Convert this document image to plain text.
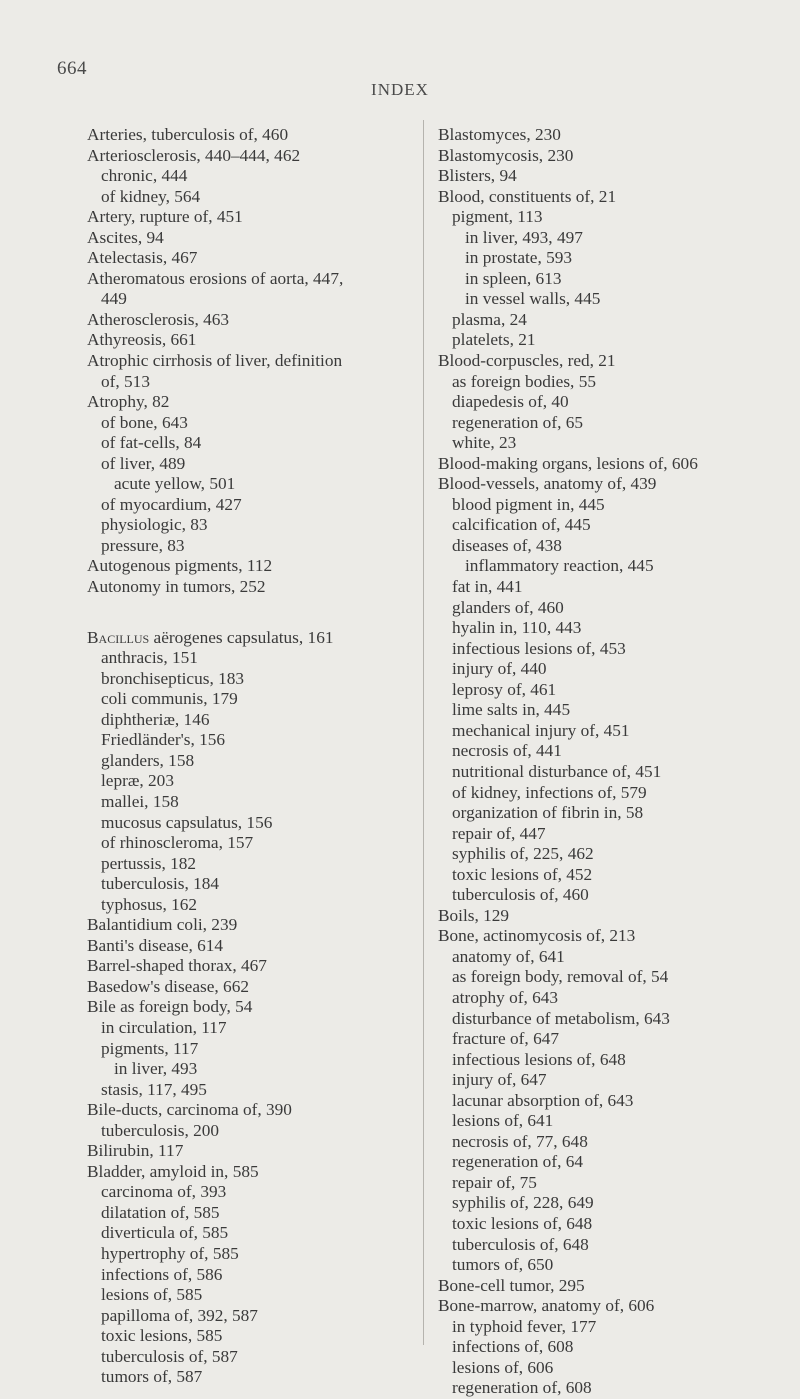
664
INDEX
Arteries, tuberculosis of, 460
Arteriosclerosis, 440–444, 462
chronic, 444
of kidney, 564
Artery, rupture of, 451
Ascites, 94
Atelectasis, 467
Atheromatous erosions of aorta, 447,
449
Atherosclerosis, 463
Athyreosis, 661
Atrophic cirrhosis of liver, definition
of, 513
Atrophy, 82
of bone, 643
of fat-cells, 84
of liver, 489
acute yellow, 501
of myocardium, 427
physiologic, 83
pressure, 83
Autogenous pigments, 112
Autonomy in tumors, 252
Bacillus aërogenes capsulatus, 161
anthracis, 151
bronchisepticus, 183
coli communis, 179
diphtheriæ, 146
Friedländer's, 156
glanders, 158
lepræ, 203
mallei, 158
mucosus capsulatus, 156
of rhinoscleroma, 157
pertussis, 182
tuberculosis, 184
typhosus, 162
Balantidium coli, 239
Banti's disease, 614
Barrel-shaped thorax, 467
Basedow's disease, 662
Bile as foreign body, 54
in circulation, 117
pigments, 117
in liver, 493
stasis, 117, 495
Bile-ducts, carcinoma of, 390
tuberculosis, 200
Bilirubin, 117
Bladder, amyloid in, 585
carcinoma of, 393
dilatation of, 585
diverticula of, 585
hypertrophy of, 585
infections of, 586
lesions of, 585
papilloma of, 392, 587
toxic lesions, 585
tuberculosis of, 587
tumors of, 587
Blastomyces, 230
Blastomycosis, 230
Blisters, 94
Blood, constituents of, 21
pigment, 113
in liver, 493, 497
in prostate, 593
in spleen, 613
in vessel walls, 445
plasma, 24
platelets, 21
Blood-corpuscles, red, 21
as foreign bodies, 55
diapedesis of, 40
regeneration of, 65
white, 23
Blood-making organs, lesions of, 606
Blood-vessels, anatomy of, 439
blood pigment in, 445
calcification of, 445
diseases of, 438
inflammatory reaction, 445
fat in, 441
glanders of, 460
hyalin in, 110, 443
infectious lesions of, 453
injury of, 440
leprosy of, 461
lime salts in, 445
mechanical injury of, 451
necrosis of, 441
nutritional disturbance of, 451
of kidney, infections of, 579
organization of fibrin in, 58
repair of, 447
syphilis of, 225, 462
toxic lesions of, 452
tuberculosis of, 460
Boils, 129
Bone, actinomycosis of, 213
anatomy of, 641
as foreign body, removal of, 54
atrophy of, 643
disturbance of metabolism, 643
fracture of, 647
infectious lesions of, 648
injury of, 647
lacunar absorption of, 643
lesions of, 641
necrosis of, 77, 648
regeneration of, 64
repair of, 75
syphilis of, 228, 649
toxic lesions of, 648
tuberculosis of, 648
tumors of, 650
Bone-cell tumor, 295
Bone-marrow, anatomy of, 606
in typhoid fever, 177
infections of, 608
lesions of, 606
regeneration of, 608
